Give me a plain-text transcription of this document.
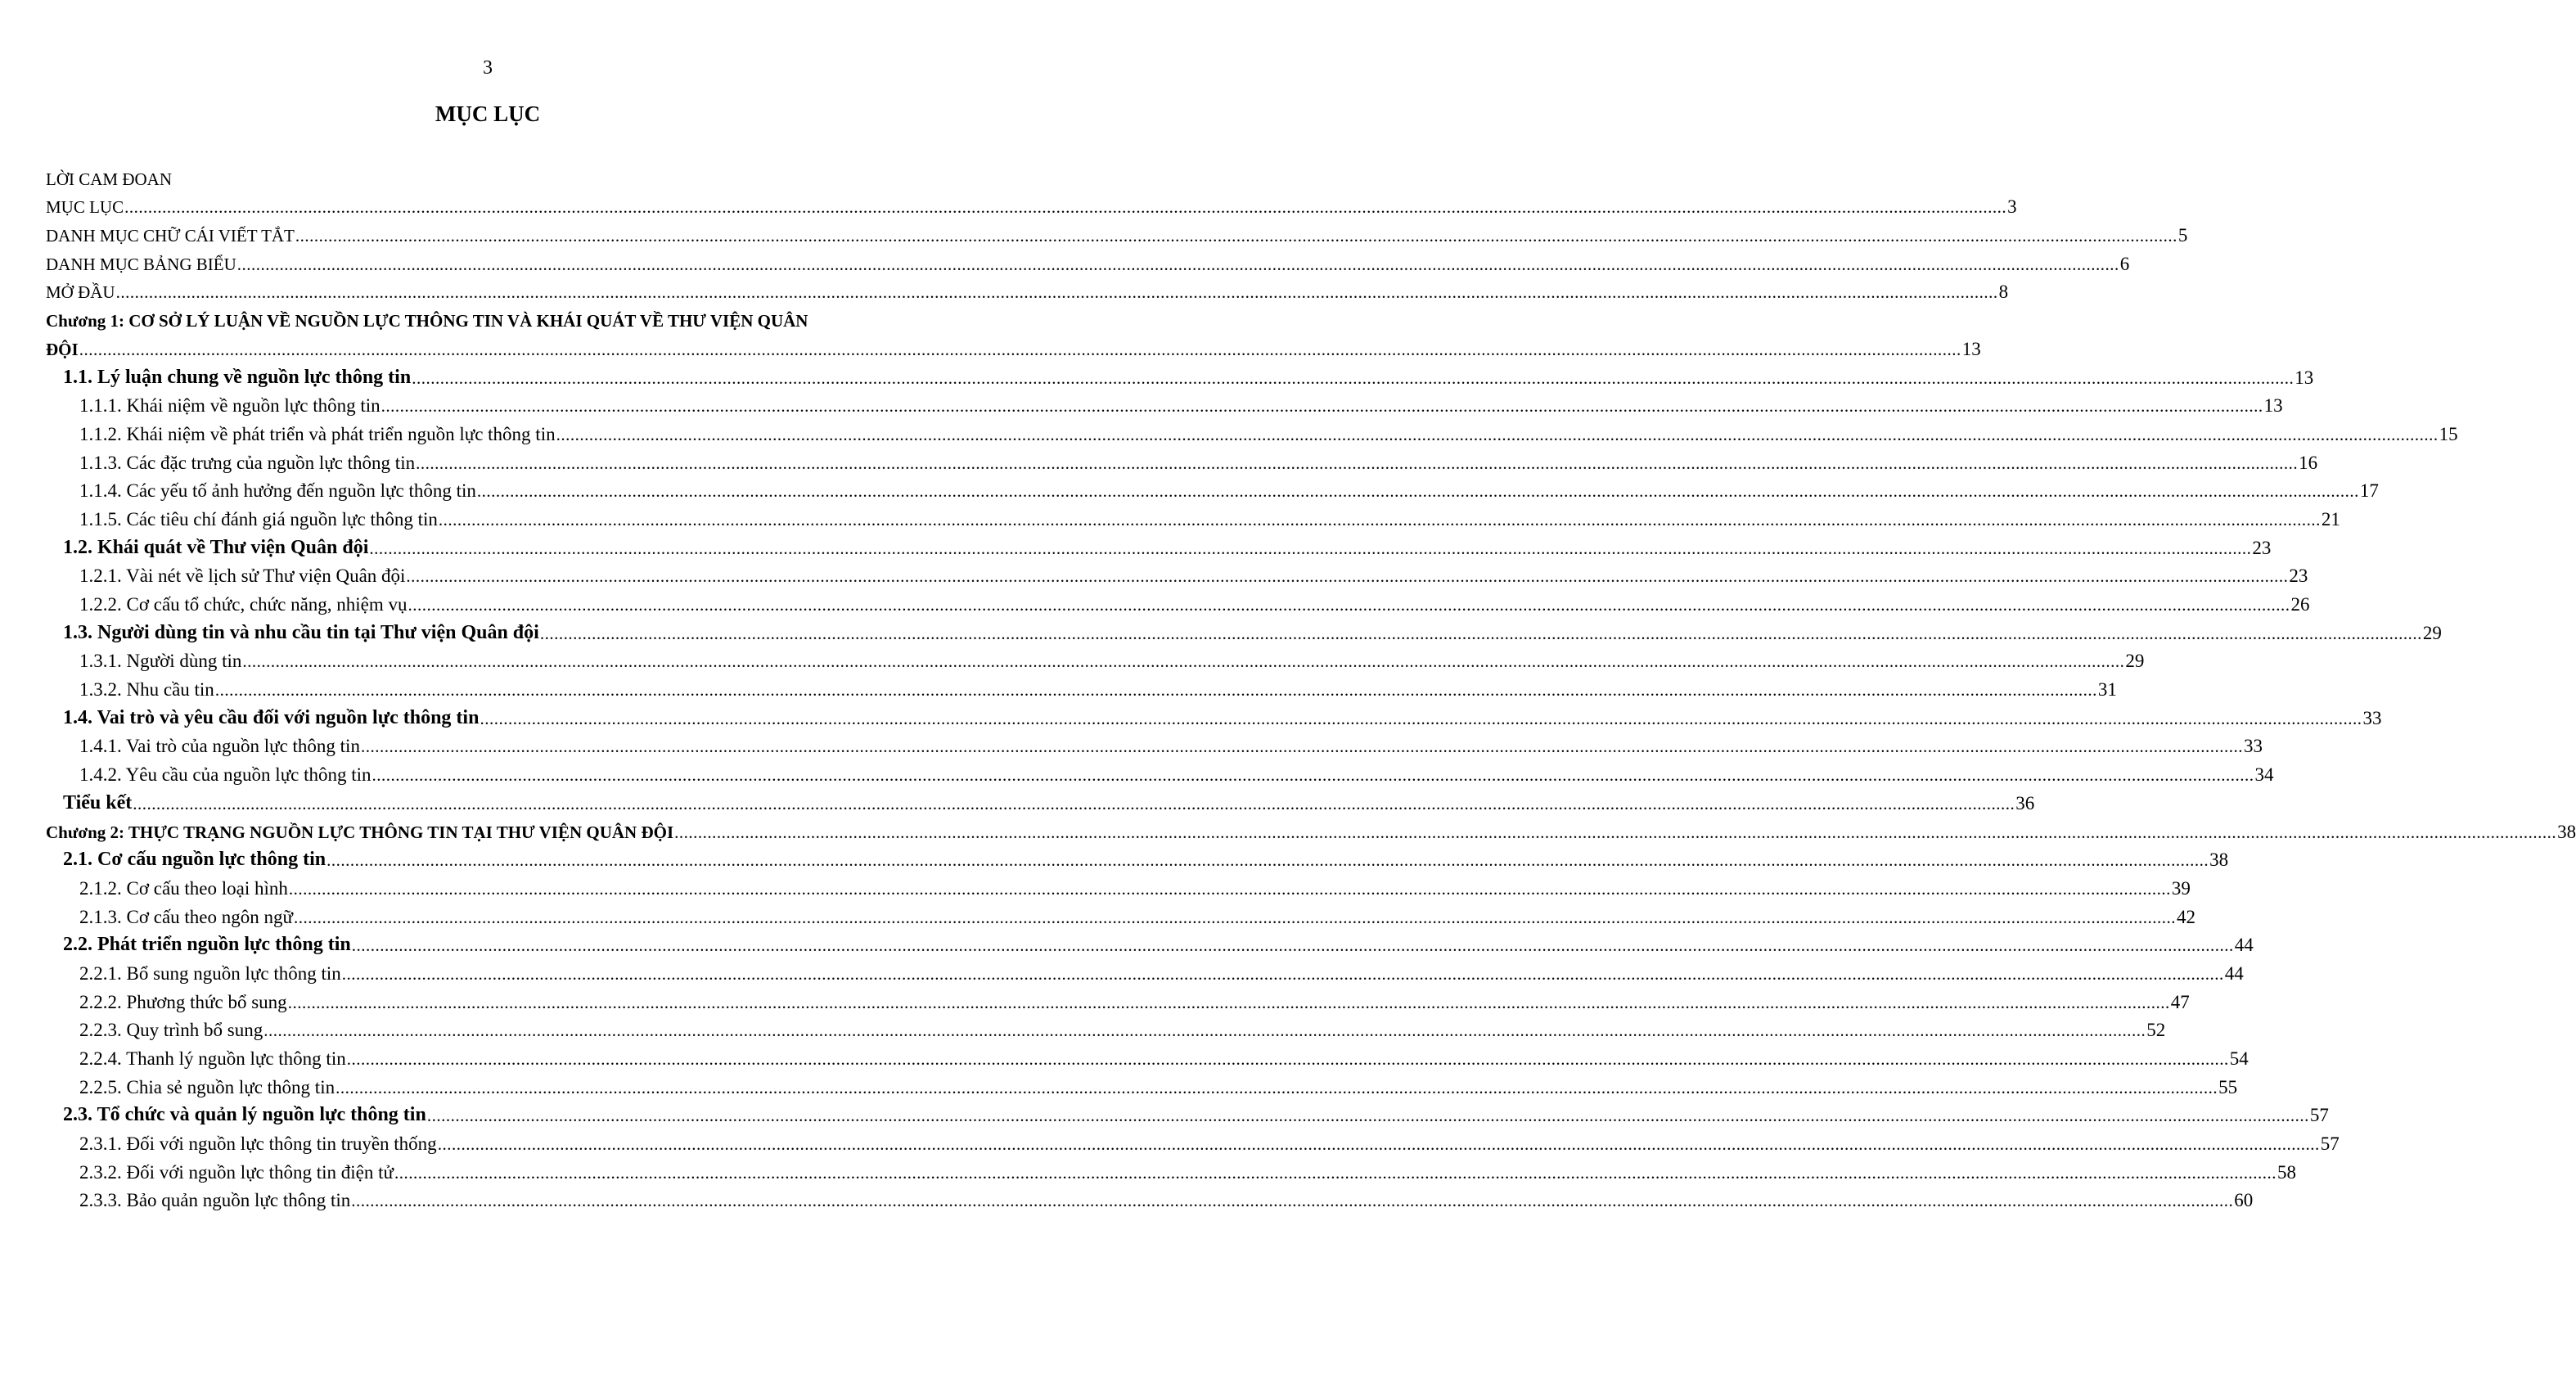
3
MỤC LỤC
LỜI CAM ĐOAN
MỤC LỤC ................................................................................................................................................................................................................................................................................................................................................................................................................ 3
DANH MỤC CHỮ CÁI VIẾT TẮT ................................................................................................................................................................................................................................................................................................................................................................................................................ 5
DANH MỤC BẢNG BIỂU ................................................................................................................................................................................................................................................................................................................................................................................................................ 6
MỞ ĐẦU ................................................................................................................................................................................................................................................................................................................................................................................................................ 8
Chương 1: CƠ SỞ LÝ LUẬN VỀ NGUỒN LỰC THÔNG TIN VÀ KHÁI QUÁT VỀ THƯ VIỆN QUÂN
ĐỘI ................................................................................................................................................................................................................................................................................................................................................................................................................ 13
1.1. Lý luận chung về nguồn lực thông tin ................................................................................................................................................................................................................................................................................................................................................................................................................ 13
1.1.1. Khái niệm về nguồn lực thông tin ................................................................................................................................................................................................................................................................................................................................................................................................................ 13
1.1.2. Khái niệm về phát triển và phát triển nguồn lực thông tin ................................................................................................................................................................................................................................................................................................................................................................................................................ 15
1.1.3. Các đặc trưng của nguồn lực thông tin ................................................................................................................................................................................................................................................................................................................................................................................................................ 16
1.1.4. Các yếu tố ảnh hưởng đến nguồn lực thông tin ................................................................................................................................................................................................................................................................................................................................................................................................................ 17
1.1.5. Các tiêu chí đánh giá nguồn lực thông tin ................................................................................................................................................................................................................................................................................................................................................................................................................ 21
1.2. Khái quát về Thư viện Quân đội ................................................................................................................................................................................................................................................................................................................................................................................................................ 23
1.2.1. Vài nét về lịch sử Thư viện Quân đội ................................................................................................................................................................................................................................................................................................................................................................................................................ 23
1.2.2. Cơ cấu tổ chức, chức năng, nhiệm vụ ................................................................................................................................................................................................................................................................................................................................................................................................................ 26
1.3. Người dùng tin và nhu cầu tin tại Thư viện Quân đội ................................................................................................................................................................................................................................................................................................................................................................................................................ 29
1.3.1. Người dùng tin ................................................................................................................................................................................................................................................................................................................................................................................................................ 29
1.3.2. Nhu cầu tin ................................................................................................................................................................................................................................................................................................................................................................................................................ 31
1.4. Vai trò và yêu cầu đối với nguồn lực thông tin ................................................................................................................................................................................................................................................................................................................................................................................................................ 33
1.4.1. Vai trò của nguồn lực thông tin ................................................................................................................................................................................................................................................................................................................................................................................................................ 33
1.4.2. Yêu cầu của nguồn lực thông tin ................................................................................................................................................................................................................................................................................................................................................................................................................ 34
Tiểu kết ................................................................................................................................................................................................................................................................................................................................................................................................................ 36
Chương 2: THỰC TRẠNG NGUỒN LỰC THÔNG TIN TẠI THƯ VIỆN QUÂN ĐỘI ................................................................................................................................................................................................................................................................................................................................................................................................................ 38
2.1. Cơ cấu nguồn lực thông tin ................................................................................................................................................................................................................................................................................................................................................................................................................ 38
2.1.2. Cơ cấu theo loại hình ................................................................................................................................................................................................................................................................................................................................................................................................................ 39
2.1.3. Cơ cấu theo ngôn ngữ ................................................................................................................................................................................................................................................................................................................................................................................................................ 42
2.2. Phát triển nguồn lực thông tin ................................................................................................................................................................................................................................................................................................................................................................................................................ 44
2.2.1. Bổ sung nguồn lực thông tin ................................................................................................................................................................................................................................................................................................................................................................................................................ 44
2.2.2. Phương thức bổ sung ................................................................................................................................................................................................................................................................................................................................................................................................................ 47
2.2.3. Quy trình bổ sung ................................................................................................................................................................................................................................................................................................................................................................................................................ 52
2.2.4. Thanh lý nguồn lực thông tin ................................................................................................................................................................................................................................................................................................................................................................................................................ 54
2.2.5. Chia sẻ nguồn lực thông tin ................................................................................................................................................................................................................................................................................................................................................................................................................ 55
2.3. Tổ chức và quản lý nguồn lực thông tin ................................................................................................................................................................................................................................................................................................................................................................................................................ 57
2.3.1. Đối với nguồn lực thông tin truyền thống ................................................................................................................................................................................................................................................................................................................................................................................................................ 57
2.3.2. Đối với nguồn lực thông tin điện tử ................................................................................................................................................................................................................................................................................................................................................................................................................ 58
2.3.3. Bảo quản nguồn lực thông tin ................................................................................................................................................................................................................................................................................................................................................................................................................ 60
